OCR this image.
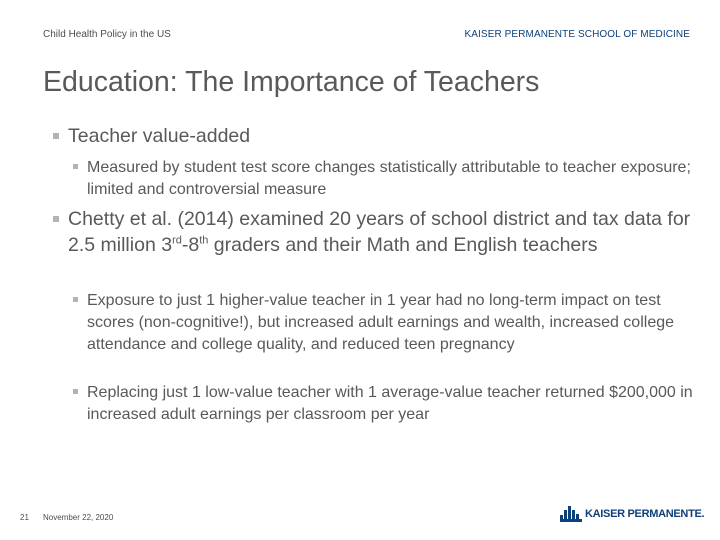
Child Health Policy in the US	KAISER PERMANENTE SCHOOL OF MEDICINE
Education: The Importance of Teachers
Teacher value-added
Measured by student test score changes statistically attributable to teacher exposure; limited and controversial measure
Chetty et al. (2014) examined 20 years of school district and tax data for 2.5 million 3rd-8th graders and their Math and English teachers
Exposure to just 1 higher-value teacher in 1 year had no long-term impact on test scores (non-cognitive!), but increased adult earnings and wealth, increased college attendance and college quality, and reduced teen pregnancy
Replacing just 1 low-value teacher with 1 average-value teacher returned $200,000 in increased adult earnings per classroom per year
21 November 22, 2020	KAISER PERMANENTE.
